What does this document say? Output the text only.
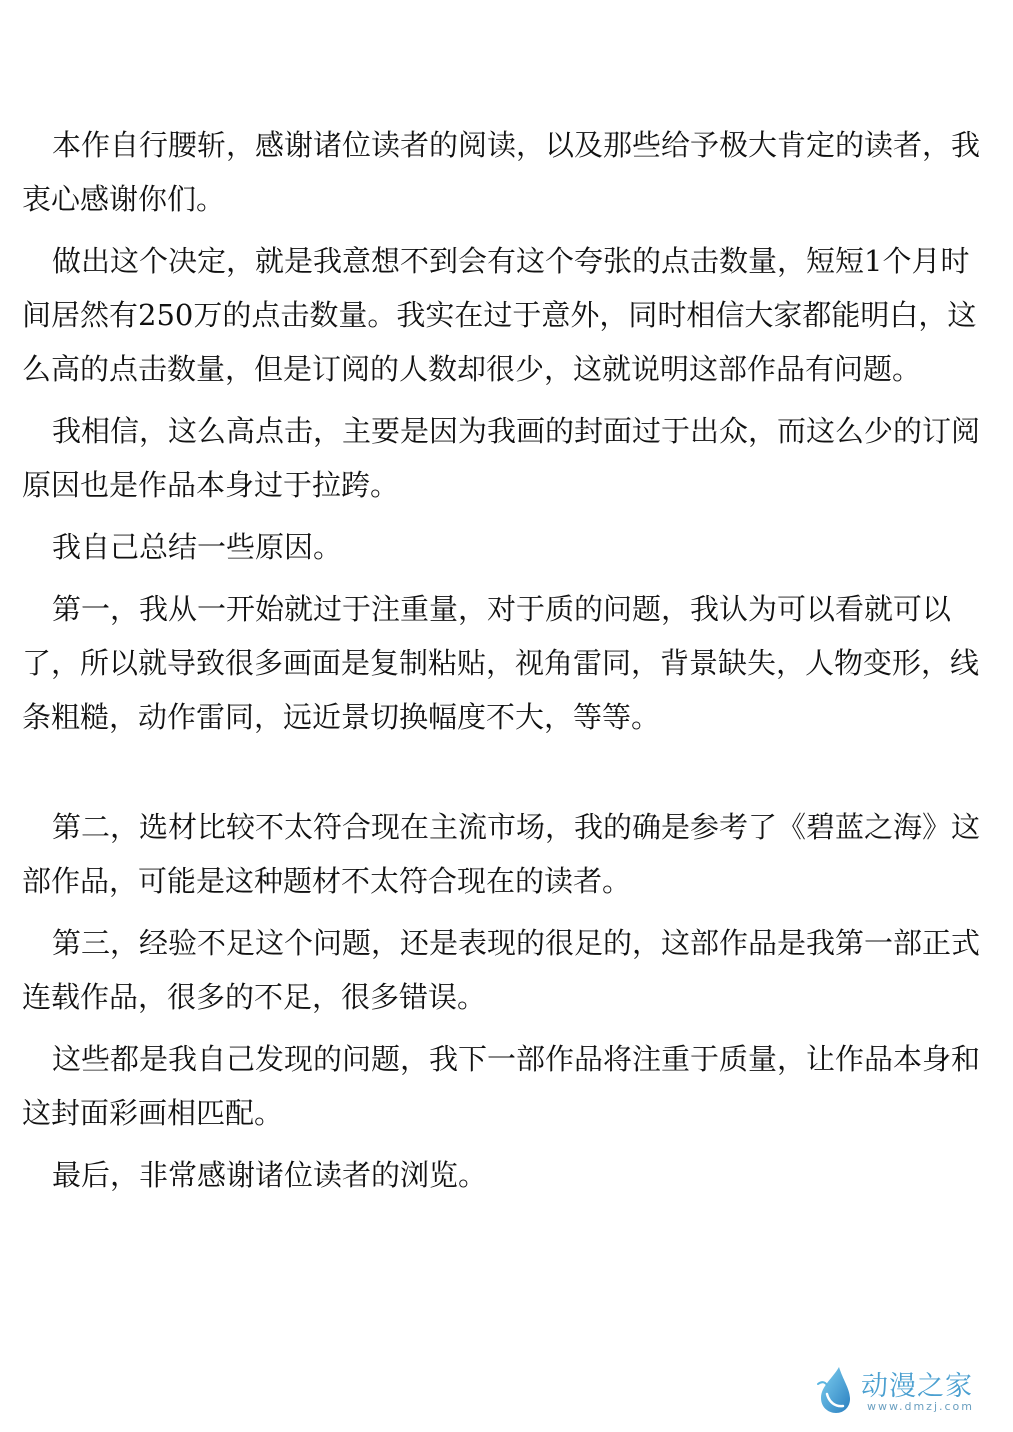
本作自行腰斩，感谢诸位读者的阅读，以及那些给予极大肯定的读者，我衷心感谢你们。

做出这个决定，就是我意想不到会有这个夸张的点击数量，短短1个月时间居然有250万的点击数量。我实在过于意外，同时相信大家都能明白，这么高的点击数量，但是订阅的人数却很少，这就说明这部作品有问题。

我相信，这么高点击，主要是因为我画的封面过于出众，而这么少的订阅原因也是作品本身过于拉跨。

我自己总结一些原因。

第一，我从一开始就过于注重量，对于质的问题，我认为可以看就可以了，所以就导致很多画面是复制粘贴，视角雷同，背景缺失，人物变形，线条粗糙，动作雷同，远近景切换幅度不大，等等。

第二，选材比较不太符合现在主流市场，我的确是参考了《碧蓝之海》这部作品，可能是这种题材不太符合现在的读者。

第三，经验不足这个问题，还是表现的很足的，这部作品是我第一部正式连载作品，很多的不足，很多错误。

这些都是我自己发现的问题，我下一部作品将注重于质量，让作品本身和这封面彩画相匹配。

最后，非常感谢诸位读者的浏览。

动漫之家
www.dmzj.com
